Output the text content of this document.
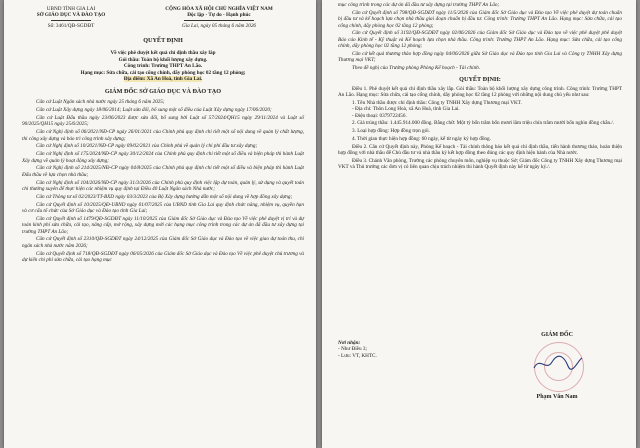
UBND TỈNH GIA LAI

SỞ GIÁO DỤC VÀ ĐÀO TẠO

Số: 3461/QĐ-SGDĐT

CỘNG HÒA XÃ HỘI CHỦ NGHĨA VIỆT NAM

Độc lập - Tự do - Hạnh phúc

Gia Lai, ngày 05 tháng 6 năm 2026

QUYẾT ĐỊNH

Về việc phê duyệt kết quả chỉ định thầu xây lắp

Gói thầu: Toàn bộ khối lượng xây dựng.

Công trình: Trường THPT An Lão.

Hạng mục: Sửa chữa, cải tạo cổng chính, dãy phòng học 02 tầng 12 phòng;

Địa điểm: Xã An Hoà, tỉnh Gia Lai.

GIÁM ĐỐC SỞ GIÁO DỤC VÀ ĐÀO TẠO

Căn cứ Luật Ngân sách nhà nước ngày 25 tháng 6 năm 2025;

Căn cứ Luật Xây dựng ngày 18/06/2014; Luật sửa đổi, bổ sung một số điều của Luật Xây dựng ngày 17/06/2020;

Căn cứ Luật Đấu thầu ngày 23/06/2023 được sửa đổi, bổ sung bởi Luật số 57/2024/QH15 ngày 29/11/2024 và Luật số 90/2025/QH15 ngày 25/6/2025;

Căn cứ Nghị định số 06/2021/NĐ-CP ngày 26/01/2021 của Chính phủ quy định chi tiết một số nội dung về quản lý chất lượng, thi công xây dựng và bảo trì công trình xây dựng;

Căn cứ Nghị định số 10/2021/NĐ-CP ngày 09/02/2021 của Chính phủ về quản lý chi phí đầu tư xây dựng;

Căn cứ Nghị định số 175/2024/NĐ-CP ngày 30/12/2024 của Chính phủ quy định chi tiết một số điều và biện pháp thi hành Luật Xây dựng về quản lý hoạt động xây dựng;

Căn cứ Nghị định số 214/2025/NĐ-CP ngày 04/8/2025 của Chính phủ quy định chi tiết một số điều và biện pháp thi hành Luật Đấu thầu về lựa chọn nhà thầu;

Căn cứ Nghị định số 104/2026/NĐ-CP ngày 31/3/2026 của Chính phủ quy định việc lập dự toán, quản lý, sử dụng và quyết toán chi thường xuyên để thực hiện các nhiệm vụ quy định tại Điều 40 Luật Ngân sách Nhà nước;

Căn cứ Thông tư số 02/2023/TT-BXD ngày 03/3/2023 của Bộ Xây dựng hướng dẫn một số nội dung về hợp đồng xây dựng;

Căn cứ Quyết định số 10/2025/QĐ-UBND ngày 01/07/2025 của UBND tỉnh Gia Lai quy định chức năng, nhiệm vụ, quyền hạn và cơ cấu tổ chức của Sở Giáo dục và Đào tạo tỉnh Gia Lai;

Căn cứ Quyết định số 1479/QĐ-SGDĐT ngày 11/10/2025 của Giám đốc Sở Giáo dục và Đào tạo Về việc phê duyệt vị trí và dự toán kinh phí sửa chữa, cải tạo, nâng cấp, mở rộng, xây dựng mới các hạng mục công trình trong các dự án đã đầu tư xây dựng tại trường THPT An Lão;

Căn cứ Quyết định số 2310/QĐ-SGDĐT ngày 24/12/2025 của Giám đốc Sở Giáo dục và Đào tạo về việc giao dự toán thu, chi ngân sách nhà nước năm 2026;

Căn cứ Quyết định số 718/QĐ-SGDĐT ngày 06/05/2026 của Giám đốc Sở Giáo dục và Đào tạo Về việc phê duyệt chủ trương và dự kiến chi phí sửa chữa, cải tạo hạng mục

mục công trình trong các dự án đã đầu tư xây dựng tại trường THPT An Lão;

Căn cứ Quyết định số 798/QĐ-SGDĐT ngày 11/5/2026 của Giám đốc Sở Giáo dục và Đào tạo Về việc phê duyệt dự toán chuẩn bị đầu tư và kế hoạch lựa chọn nhà thầu giai đoạn chuẩn bị đầu tư. Công trình: Trường THPT An Lão. Hạng mục: Sửa chữa, cải tạo cổng chính, dãy phòng học 02 tầng 12 phòng;

Căn cứ Quyết định số 3192/QĐ-SGDĐT ngày 02/06/2026 của Giám đốc Sở Giáo dục và Đào tạo về việc phê duyệt phê duyệt Báo cáo Kinh tế - Kỹ thuật và Kế hoạch lựa chọn nhà thầu. Công trình: Trường THPT An Lão. Hạng mục: Sửa chữa, cải tạo cổng chính, dãy phòng học 02 tầng 12 phòng;

Căn cứ kết quả thương thảo hợp đồng ngày 04/06/2026 giữa Sở Giáo dục và Đào tạo tỉnh Gia Lai và Công ty TNHH Xây dựng Thương mại VKT;

Theo đề nghị của Trưởng phòng Phòng Kế hoạch - Tài chính.

QUYẾT ĐỊNH:

Điều 1. Phê duyệt kết quả chỉ định thầu xây lắp. Gói thầu: Toàn bộ khối lượng xây dựng công trình. Công trình: Trường THPT An Lão. Hạng mục: Sửa chữa, cải tạo cổng chính, dãy phòng học 02 tầng 12 phòng với những nội dung chủ yếu như sau:

1. Tên Nhà thầu được chỉ định thầu: Công ty TNHH Xây dựng Thương mại VKT.

- Địa chỉ: Thôn Long Hoà, xã An Hoà, tỉnh Gia Lai.

- Điện thoại: 0379722456.

2. Giá trúng thầu: 1.445.914.000 đồng. Bằng chữ: Một tỷ bốn trăm bốn mươi lăm triệu chín trăm mười bốn nghìn đồng chẵn./.

3. Loại hợp đồng: Hợp đồng trọn gói.

4. Thời gian thực hiện hợp đồng: 60 ngày, kể từ ngày ký hợp đồng.

Điều 2. Căn cứ Quyết định này, Phòng Kế hoạch - Tài chính thông báo kết quả chỉ định thầu, tiến hành thương thảo, hoàn thiện hợp đồng với nhà thầu để Chủ đầu tư và nhà thầu ký kết hợp đồng theo đúng các quy định hiện hành của Nhà nước.

Điều 3. Chánh Văn phòng, Trưởng các phòng chuyên môn, nghiệp vụ thuộc Sở; Giám đốc Công ty TNHH Xây dựng Thương mại VKT và Thủ trưởng các đơn vị có liên quan chịu trách nhiệm thi hành Quyết định này kể từ ngày ký./.

Nơi nhận:

- Như Điều 3;

- Lưu: VT, KHTC.

GIÁM ĐỐC

Phạm Văn Nam
